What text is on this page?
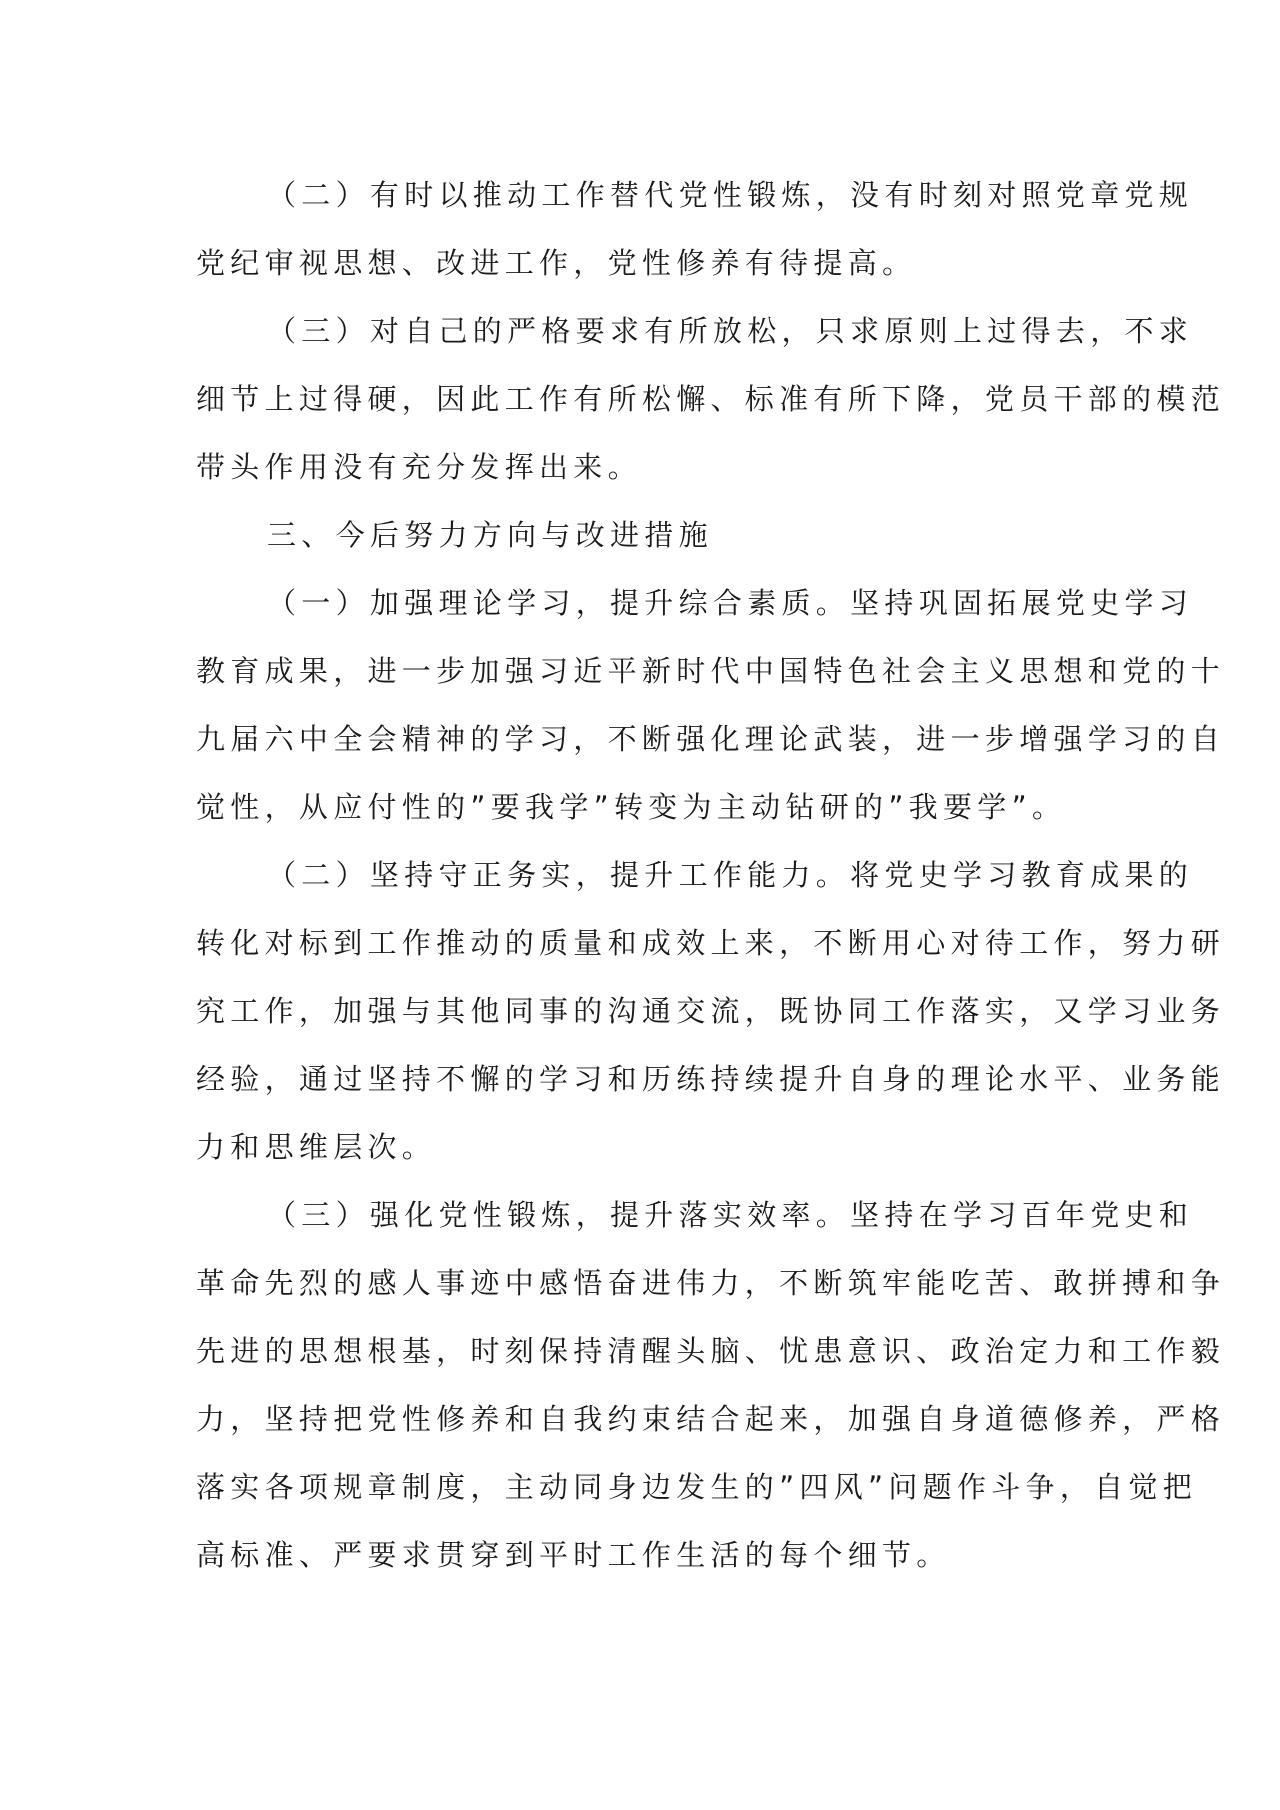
（二）有时以推动工作替代党性锻炼，没有时刻对照党章党规
党纪审视思想、改进工作，党性修养有待提高。
（三）对自己的严格要求有所放松，只求原则上过得去，不求
细节上过得硬，因此工作有所松懈、标准有所下降，党员干部的模范
带头作用没有充分发挥出来。
三、今后努力方向与改进措施
（一）加强理论学习，提升综合素质。坚持巩固拓展党史学习
教育成果，进一步加强习近平新时代中国特色社会主义思想和党的十
九届六中全会精神的学习，不断强化理论武装，进一步增强学习的自
觉性，从应付性的”要我学”转变为主动钻研的”我要学”。
（二）坚持守正务实，提升工作能力。将党史学习教育成果的
转化对标到工作推动的质量和成效上来，不断用心对待工作，努力研
究工作，加强与其他同事的沟通交流，既协同工作落实，又学习业务
经验，通过坚持不懈的学习和历练持续提升自身的理论水平、业务能
力和思维层次。
（三）强化党性锻炼，提升落实效率。坚持在学习百年党史和
革命先烈的感人事迹中感悟奋进伟力，不断筑牢能吃苦、敢拼搏和争
先进的思想根基，时刻保持清醒头脑、忧患意识、政治定力和工作毅
力，坚持把党性修养和自我约束结合起来，加强自身道德修养，严格
落实各项规章制度，主动同身边发生的”四风”问题作斗争，自觉把
高标准、严要求贯穿到平时工作生活的每个细节。
